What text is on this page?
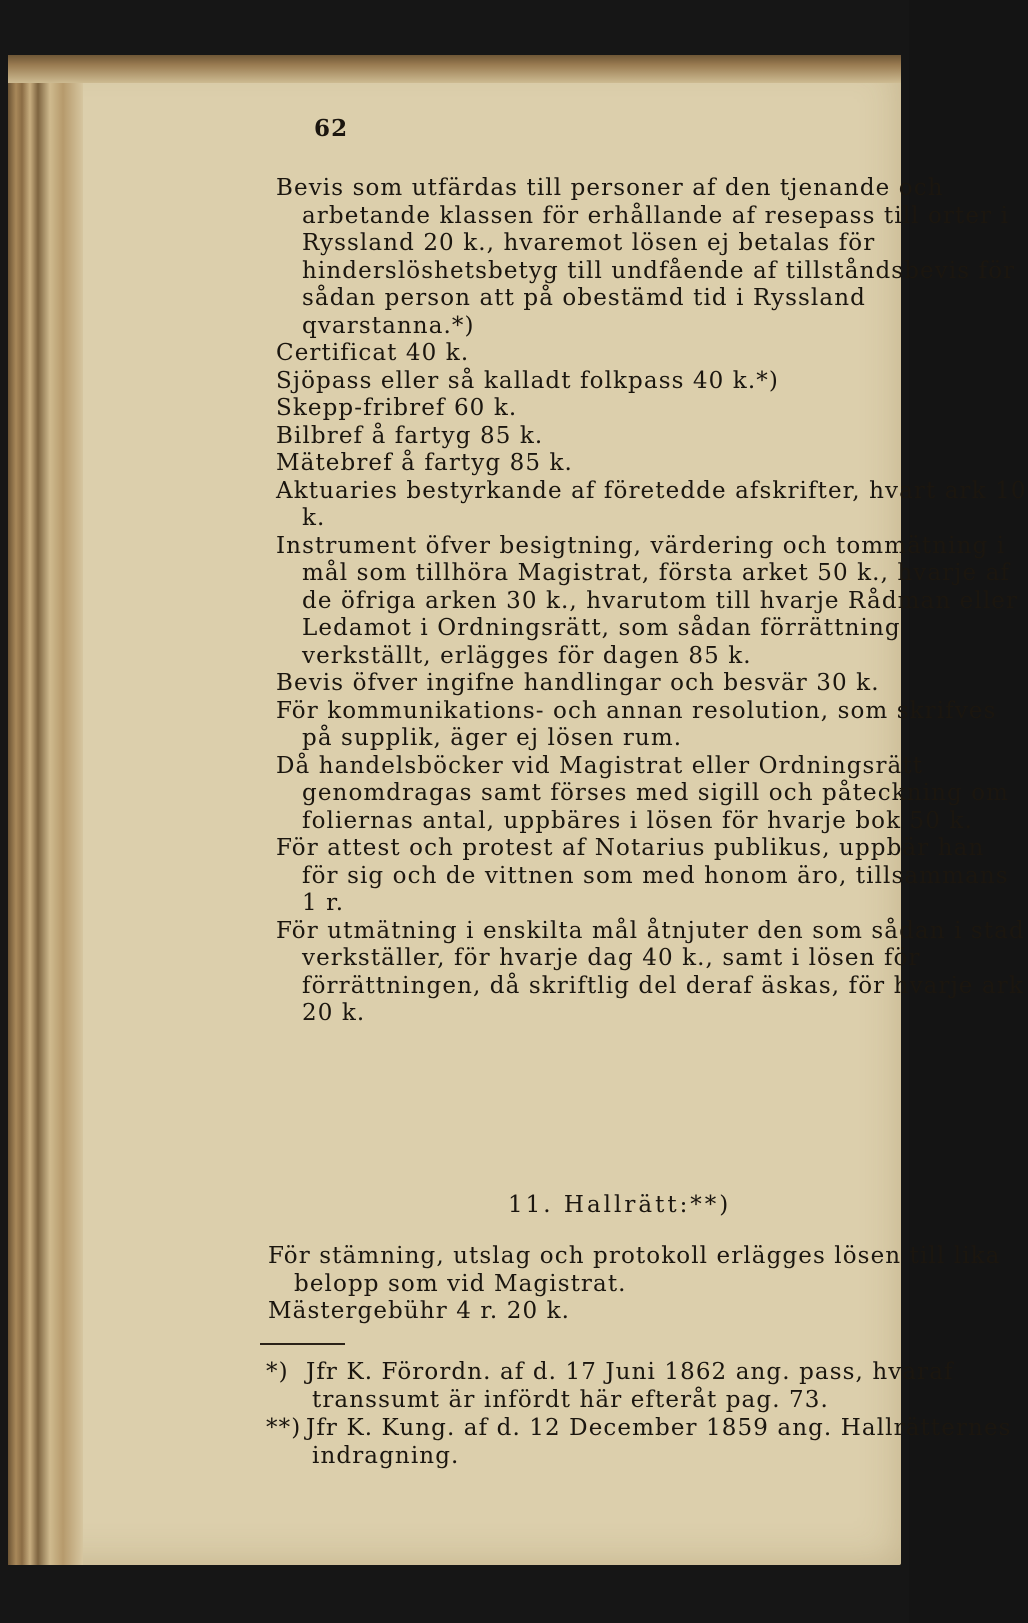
62

Bevis som utfärdas till personer af den tjenande och arbetande klassen för erhållande af resepass till orter i Ryssland 20 k., hvaremot lösen ej betalas för hinderslöshetsbetyg till undfående af tillståndsbevis för sådan person att på obestämd tid i Ryssland qvarstanna.*)

Certificat 40 k.

Sjöpass eller så kalladt folkpass 40 k.*)

Skepp-fribref 60 k.

Bilbref å fartyg 85 k.

Mätebref å fartyg 85 k.

Aktuaries bestyrkande af företedde afskrifter, hvart ark 10 k.

Instrument öfver besigtning, värdering och tommätning i mål som tillhöra Magistrat, första arket 50 k., hvarje af de öfriga arken 30 k., hvarutom till hvarje Rådman eller Ledamot i Ordningsrätt, som sådan förrättning verkställt, erlägges för dagen 85 k.

Bevis öfver ingifne handlingar och besvär 30 k.

För kommunikations- och annan resolution, som skrifves på supplik, äger ej lösen rum.

Då handelsböcker vid Magistrat eller Ordningsrätt genomdragas samt förses med sigill och påteckning om foliernas antal, uppbäres i lösen för hvarje bok 50 k.

För attest och protest af Notarius publikus, uppbär han för sig och de vittnen som med honom äro, tillsammans 1 r.

För utmätning i enskilta mål åtnjuter den som sådan i stad verkställer, för hvarje dag 40 k., samt i lösen för förrättningen, då skriftlig del deraf äskas, för hvarje ark 20 k.

11. Hallrätt:**)

För stämning, utslag och protokoll erlägges lösen till lika belopp som vid Magistrat.

Mästergebühr 4 r. 20 k.

*) Jfr K. Förordn. af d. 17 Juni 1862 ang. pass, hvaraf transsumt är infördt här efteråt pag. 73.

**) Jfr K. Kung. af d. 12 December 1859 ang. Hallrätternes indragning.
